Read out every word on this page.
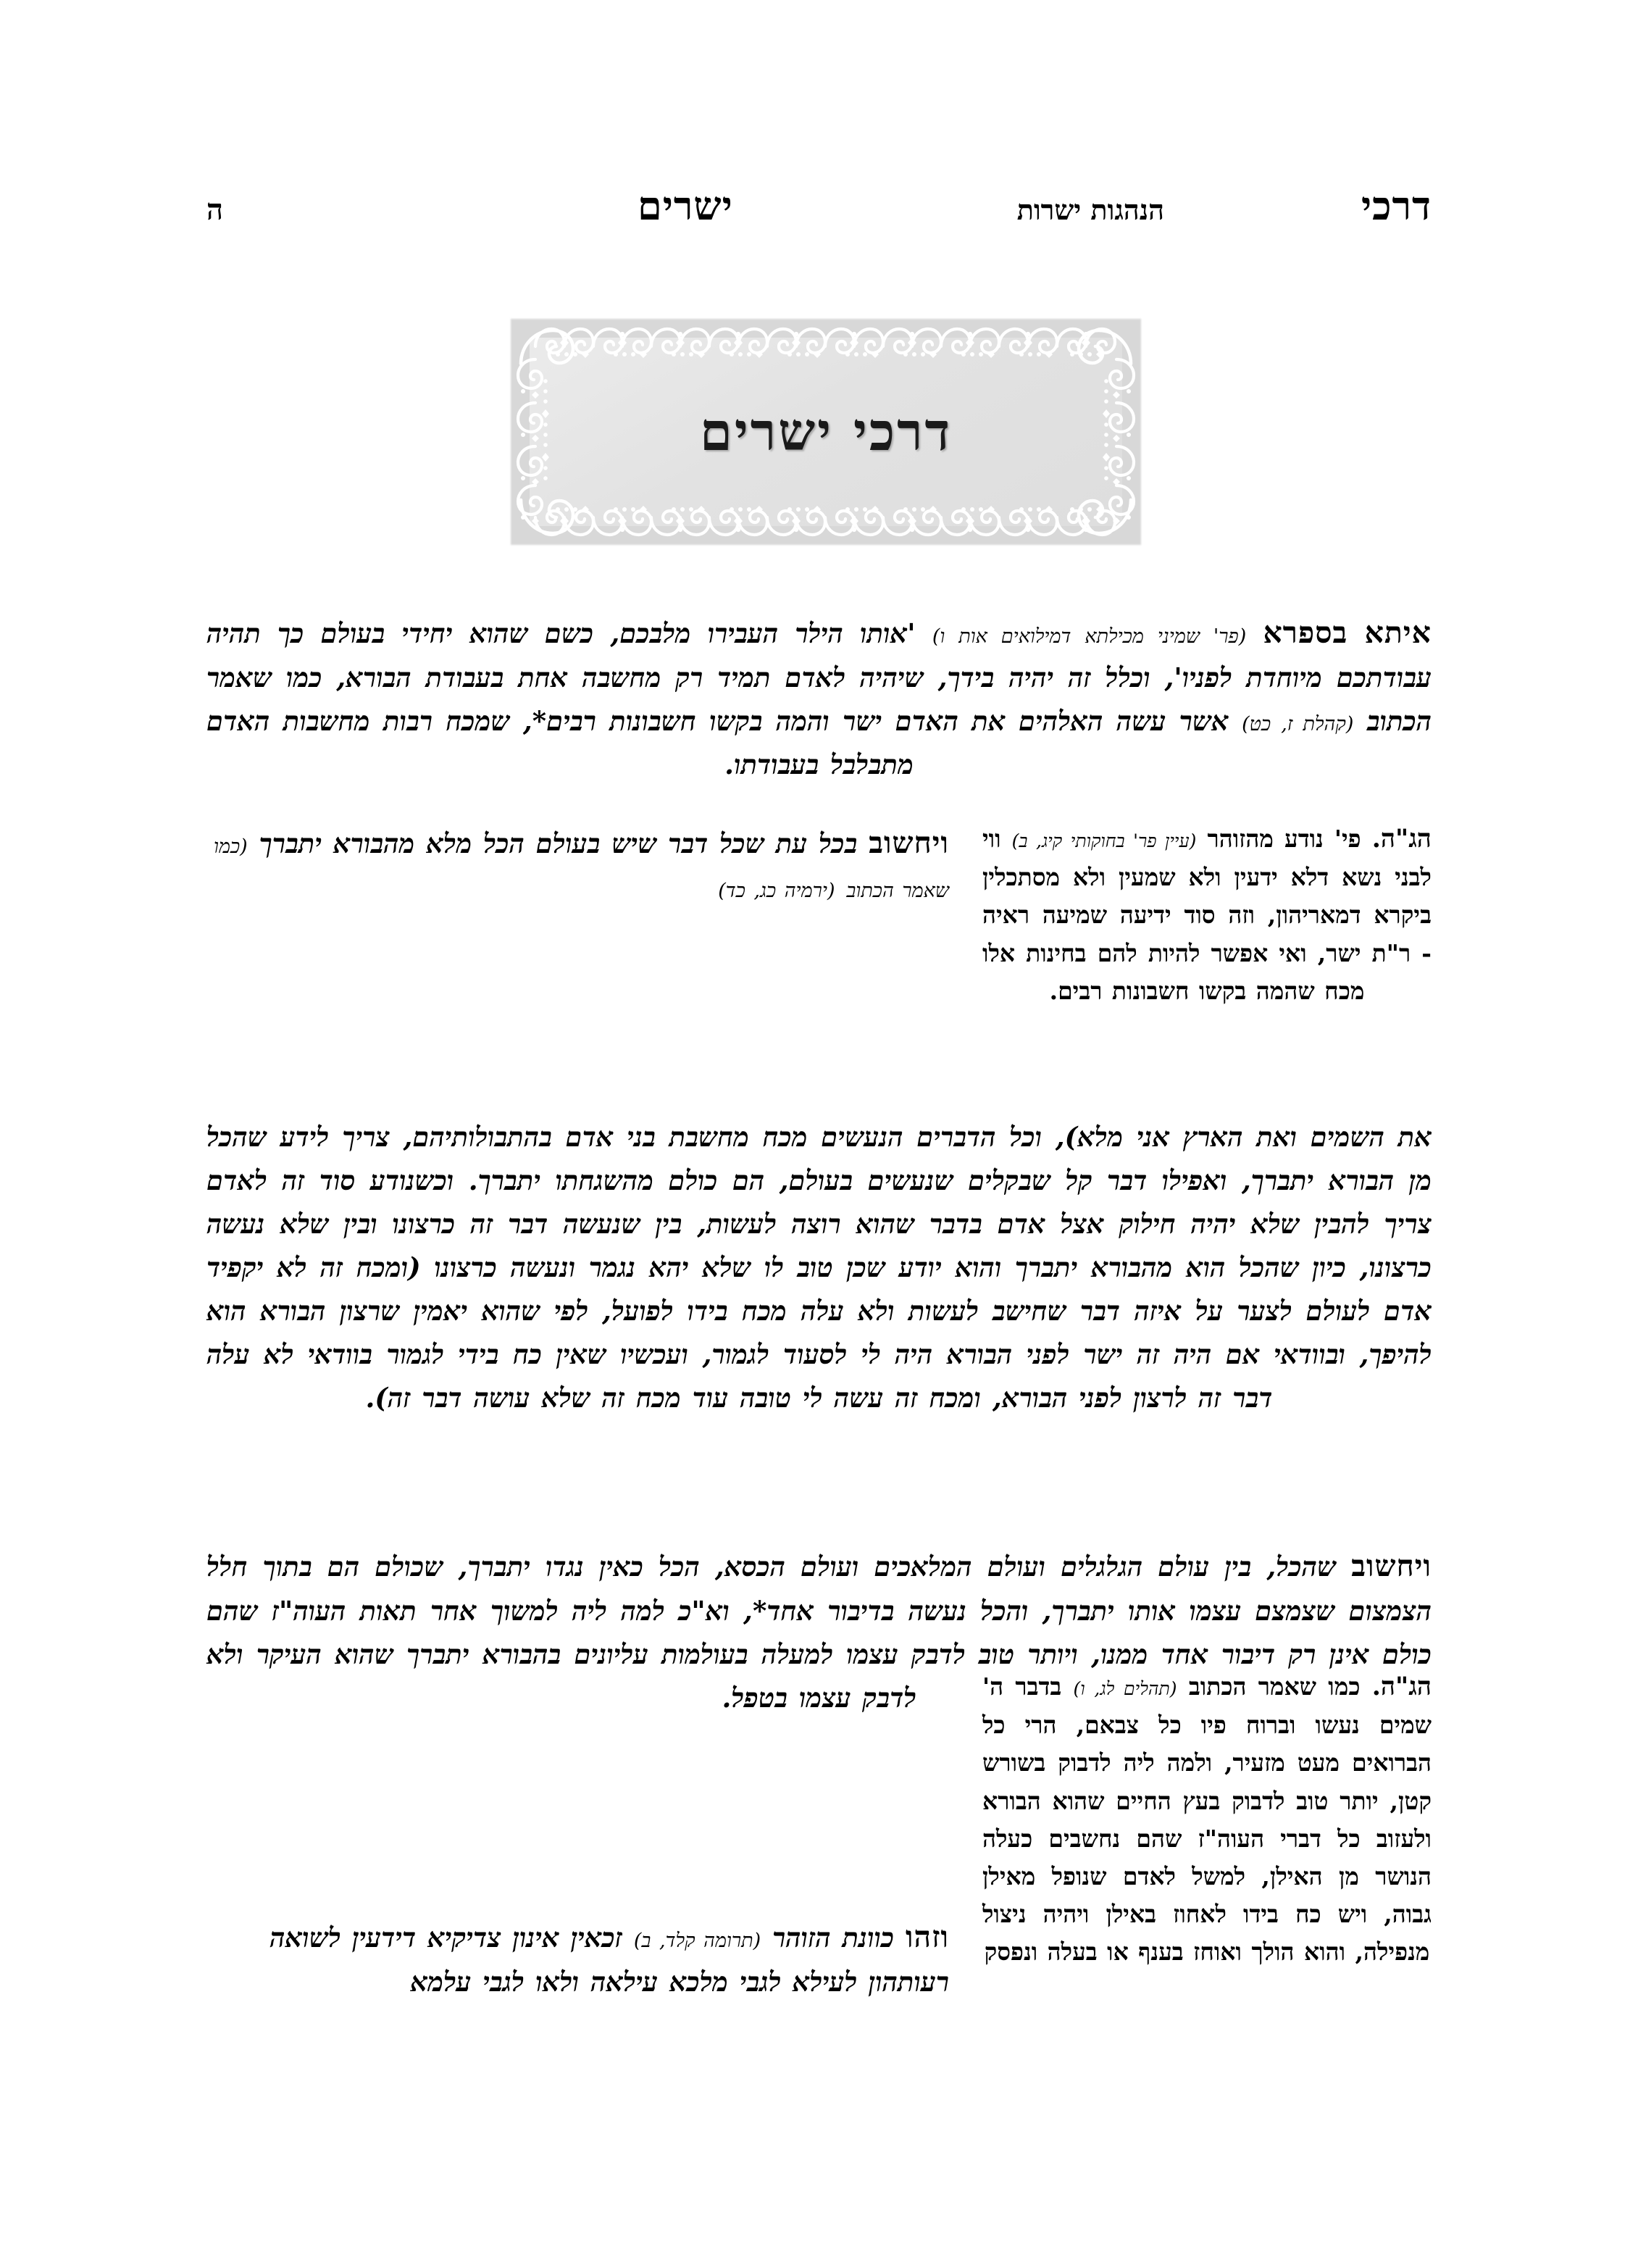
דרכי
הנהגות ישרות
ישרים
ה
דרכי ישרים

איתא בספרא (פר' שמיני מכילתא דמילואים אות ו) 'אותו הילר העבירו מלבכם, כשם שהוא יחידי בעולם כך תהיה עבודתכם מיוחדת לפניו', וכלל זה יהיה בידך, שיהיה לאדם תמיד רק מחשבה אחת בעבודת הבורא, כמו שאמר הכתוב (קהלת ז, כט) אשר עשה האלהים את האדם ישר והמה בקשו חשבונות רבים*, שמכח רבות מחשבות האדם מתבלבל בעבודתו.

הג"ה. פי' נודע מהזוהר (עיין פר' בחוקותי קיג, ב) ווי לבני נשא דלא ידעין ולא שמעין ולא מסתכלין ביקרא דמאריהון, וזה סוד ידיעה שמיעה ראיה - ר"ת ישר, ואי אפשר להיות להם בחינות אלו מכח שהמה בקשו חשבונות רבים.

ויחשוב בכל עת שכל דבר שיש בעולם הכל מלא מהבורא יתברך (כמו שאמר הכתוב (ירמיה כג, כד)

את השמים ואת הארץ אני מלא), וכל הדברים הנעשים מכח מחשבת בני אדם בהתבולותיהם, צריך לידע שהכל מן הבורא יתברך, ואפילו דבר קל שבקלים שנעשים בעולם, הם כולם מהשגחתו יתברך. וכשנודע סוד זה לאדם צריך להבין שלא יהיה חילוק אצל אדם בדבר שהוא רוצה לעשות, בין שנעשה דבר זה כרצונו ובין שלא נעשה כרצונו, כיון שהכל הוא מהבורא יתברך והוא יודע שכן טוב לו שלא יהא נגמר ונעשה כרצונו (ומכח זה לא יקפיד אדם לעולם לצער על איזה דבר שחישב לעשות ולא עלה מכח בידו לפועל, לפי שהוא יאמין שרצון הבורא הוא להיפך, ובוודאי אם היה זה ישר לפני הבורא היה לי לסעוד לגמור, ועכשיו שאין כח בידי לגמור בוודאי לא עלה דבר זה לרצון לפני הבורא, ומכח זה עשה לי טובה עוד מכח זה שלא עושה דבר זה).

ויחשוב שהכל, בין עולם הגלגלים ועולם המלאכים ועולם הכסא, הכל כאין נגדו יתברך, שכולם הם בתוך חלל הצמצום שצמצם עצמו אותו יתברך, והכל נעשה בדיבור אחד*, וא"כ למה ליה למשוך אחר תאות העוה"ז שהם כולם אינן רק דיבור אחד ממנו, ויותר טוב לדבק עצמו למעלה בעולמות עליונים בהבורא יתברך שהוא העיקר ולא לדבק עצמו בטפל.	הג"ה. כמו שאמר הכתוב (תהלים לג, ו) בדבר ה' שמים נעשו וברוח פיו כל צבאם, הרי כל הברואים מעט מזעיר, ולמה ליה לדבוק בשורש קטן, יותר טוב לדבוק בעץ החיים שהוא הבורא ולעזוב כל דברי העוה"ז שהם נחשבים כעלה הנושר מן האילן, למשל לאדם שנופל מאילן גבוה, ויש כח בידו לאחוז באילן ויהיה ניצול מנפילה, והוא הולך ואוחז בענף או בעלה ונפסק

וזהו כוונת הזוהר (תרומה קלד, ב) זכאין אינון צדיקיא דידעין לשואה רעותהון לעילא לגבי מלכא עילאה ולאו לגבי עלמא
